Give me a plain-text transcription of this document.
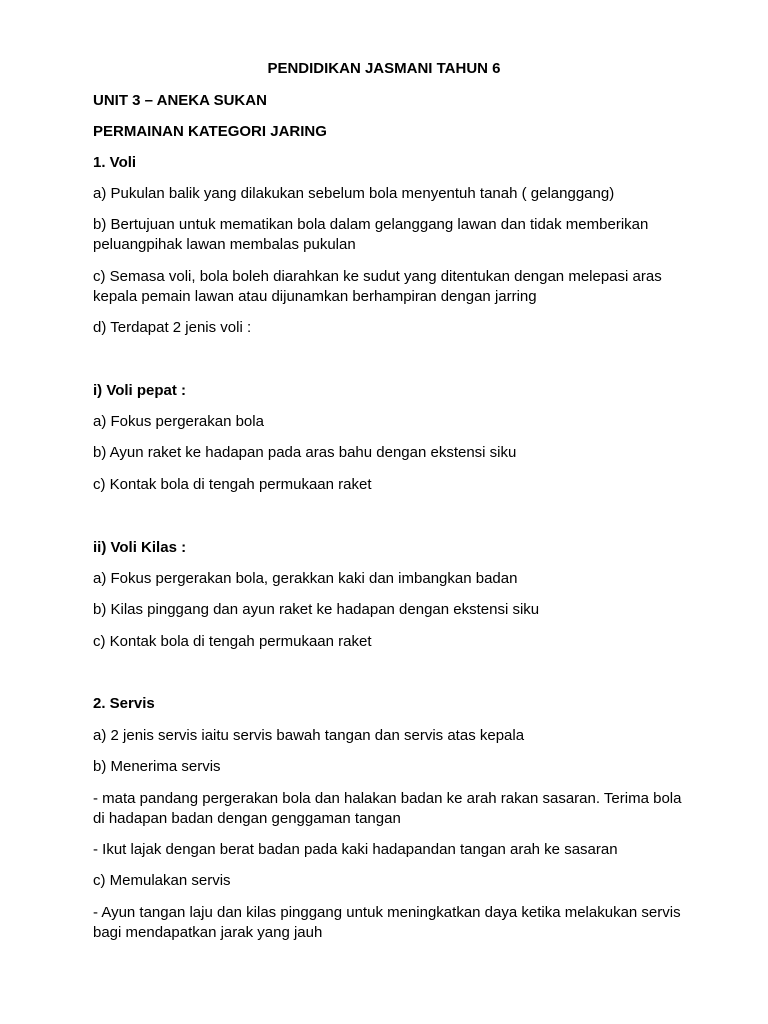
PENDIDIKAN JASMANI TAHUN 6
UNIT 3 – ANEKA SUKAN
PERMAINAN KATEGORI JARING
1. Voli
a) Pukulan balik yang dilakukan sebelum bola menyentuh tanah ( gelanggang)
b) Bertujuan untuk mematikan bola dalam gelanggang lawan dan tidak memberikan peluangpihak lawan membalas pukulan
c) Semasa voli, bola boleh diarahkan ke sudut yang ditentukan dengan melepasi aras kepala pemain lawan atau dijunamkan berhampiran dengan jarring
d) Terdapat 2 jenis voli :
i) Voli pepat :
a) Fokus pergerakan bola
b) Ayun raket ke hadapan pada aras bahu dengan ekstensi siku
c) Kontak bola di tengah permukaan raket
ii) Voli Kilas :
a) Fokus pergerakan bola, gerakkan kaki dan imbangkan badan
b) Kilas pinggang dan ayun raket ke hadapan dengan ekstensi siku
c) Kontak bola di tengah permukaan raket
2. Servis
a) 2 jenis servis iaitu servis bawah tangan dan servis atas kepala
b) Menerima servis
- mata pandang pergerakan bola dan halakan badan ke arah rakan sasaran. Terima bola di hadapan badan dengan genggaman tangan
- Ikut lajak dengan berat badan pada kaki hadapandan tangan arah ke sasaran
c) Memulakan servis
- Ayun tangan laju dan kilas pinggang untuk meningkatkan daya ketika melakukan servis bagi mendapatkan jarak yang jauh
